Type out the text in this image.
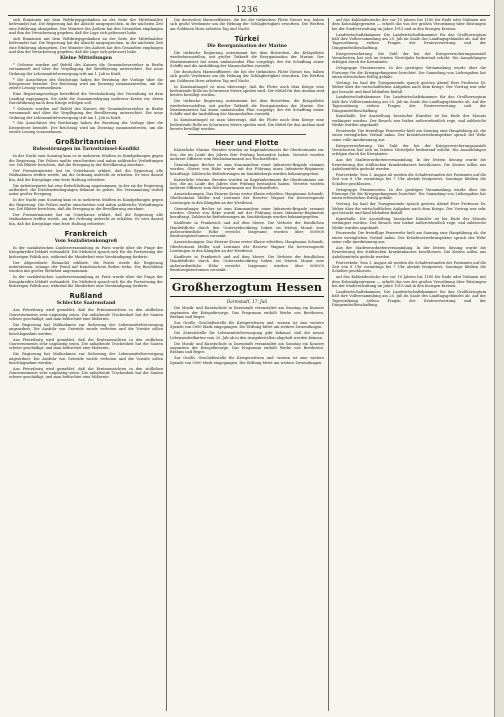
1236

sich Rumänien mit dem Weltkriegsgedanken an der Seite der Mittelmächte befreundet hat. Die Regierung hat die Absicht ausgesprochen, in der nächsten Zeit eine Erklärung abzugeben. Der Minister des Äußern hat den Gesandten empfangen und ihm die Versicherung gegeben, daß die Lage sich gebessert habe.

sich Rumänien mit dem Weltkriegsgedanken an der Seite der Mittelmächte befreundet hat. Die Regierung hat die Absicht ausgesprochen, in der nächsten Zeit eine Erklärung abzugeben. Der Minister des Äußern hat den Gesandten empfangen und ihm die Versicherung gegeben, daß die Lage sich gebessert habe.

Kleine Mitteilungen

* Geborne wurden auf Befehl des Kaisers die Gemeindevorsteher in Berlin versammelt und über die Verpflegung der Bevölkerung unterrichtet. Die neue Ordnung der Lebensmittelversorgung tritt am 1. Juli in Kraft.

* Die Ausschüsse des Reichstags haben die Beratung der Vorlage über die Kriegsteuer beendet. Der Reichstag wird am Dienstag zusammentreten, um die zweite Lesung vorzunehmen.

Eine Regierungsvorlage betreffend die Vereinfachung der Verwaltung ist dem Landtag zugegangen. Sie sieht die Zusammenlegung mehrerer Kreise vor, deren Durchführung nach dem Kriege erfolgen soll.

* Geborne wurden auf Befehl des Kaisers die Gemeindevorsteher in Berlin versammelt und über die Verpflegung der Bevölkerung unterrichtet. Die neue Ordnung der Lebensmittelversorgung tritt am 1. Juli in Kraft.

* Die Ausschüsse des Reichstags haben die Beratung der Vorlage über die Kriegsteuer beendet. Der Reichstag wird am Dienstag zusammentreten, um die zweite Lesung vorzunehmen.

Großbritannien
Ruhestörungen im Tarnwitzinsel-Konflikt

In der Nacht zum Sonntag kam es in mehreren Städten zu Kundgebungen gegen die Regierung. Die Polizei mußte einschreiten und nahm zahlreiche Verhaftungen vor. Die Blätter berichten, daß die Erregung in der Bevölkerung zunehme.

Der Premierminister hat im Unterhause erklärt, daß die Regierung alle Maßnahmen treffen werde, um die Ordnung aufrecht zu erhalten. Er wies darauf hin, daß die Kriegslage eine feste Haltung erfordere.

Die Arbeiterpartei hat eine Entschließung angenommen, in der sie die Regierung auffordert, die Friedensbedingungen bekannt zu geben. Die Versammlung verlief unter großer Erregung.

In der Nacht zum Sonntag kam es in mehreren Städten zu Kundgebungen gegen die Regierung. Die Polizei mußte einschreiten und nahm zahlreiche Verhaftungen vor. Die Blätter berichten, daß die Erregung in der Bevölkerung zunehme.

Der Premierminister hat im Unterhause erklärt, daß die Regierung alle Maßnahmen treffen werde, um die Ordnung aufrecht zu erhalten. Er wies darauf hin, daß die Kriegslage eine feste Haltung erfordere.

Frankreich
Vom Sozialistenkongreß

In der sozialistischen Landesversammlung zu Paris wurde über die Frage der Kriegskredite lebhaft verhandelt. Die Mehrheit sprach sich für die Fortsetzung der bisherigen Politik aus, während die Minderheit eine Verständigung forderte.

Der Abgeordnete Renaudel erklärte, die Partei werde die Regierung unterstützen, solange der Feind auf französischem Boden stehe. Die Beschlüsse wurden mit großer Mehrheit angenommen.

In der sozialistischen Landesversammlung zu Paris wurde über die Frage der Kriegskredite lebhaft verhandelt. Die Mehrheit sprach sich für die Fortsetzung der bisherigen Politik aus, während die Minderheit eine Verständigung forderte.

Rußland
Schlechte Saatenstand

Aus Petersburg wird gemeldet, daß die Ernteaussichten in den südlichen Gouvernements sehr ungünstig seien. Die anhaltende Trockenheit hat die Saaten schwer geschädigt, und man befürchtet eine Mißernte.

Die Regierung hat Maßnahmen zur Sicherung der Lebensmittelversorgung angeordnet. Die Ausfuhr von Getreide wurde verboten und die Vorräte sollen beschlagnahmt werden.

Aus Petersburg wird gemeldet, daß die Ernteaussichten in den südlichen Gouvernements sehr ungünstig seien. Die anhaltende Trockenheit hat die Saaten schwer geschädigt, und man befürchtet eine Mißernte.

Die Regierung hat Maßnahmen zur Sicherung der Lebensmittelversorgung angeordnet. Die Ausfuhr von Getreide wurde verboten und die Vorräte sollen beschlagnahmt werden.

Aus Petersburg wird gemeldet, daß die Ernteaussichten in den südlichen Gouvernements sehr ungünstig seien. Die anhaltende Trockenheit hat die Saaten schwer geschädigt, und man befürchtet eine Mißernte.

Die deutschen Marineoffiziere, die bei der türkischen Flotte Dienst tun, haben sich große Verdienste um die Hebung der Schlagfertigkeit erworben. Die Werften am Goldenen Horn arbeiten Tag und Nacht.

Türkei
Die Reorganisation der Marine

Die türkische Regierung unternimmt bei dem Bestreben, die Kriegsflotte wiederherzustellen, mit großer Tatkraft die Reorganisation der Marine. Der Marineminister hat einen umfassenden Plan vorgelegt, der die Schaffung neuer Schiffe und die Ausbildung der Mannschaften vorsieht.

Die deutschen Marineoffiziere, die bei der türkischen Flotte Dienst tun, haben sich große Verdienste um die Hebung der Schlagfertigkeit erworben. Die Werften am Goldenen Horn arbeiten Tag und Nacht.

In Konstantinopel ist man überzeugt, daß die Flotte nach dem Kriege eine bedeutende Rolle im Schwarzen Meere spielen wird. Die Mittel für den Ausbau sind bereits bewilligt worden.

Die türkische Regierung unternimmt bei dem Bestreben, die Kriegsflotte wiederherzustellen, mit großer Tatkraft die Reorganisation der Marine. Der Marineminister hat einen umfassenden Plan vorgelegt, der die Schaffung neuer Schiffe und die Ausbildung der Mannschaften vorsieht.

In Konstantinopel ist man überzeugt, daß die Flotte nach dem Kriege eine bedeutende Rolle im Schwarzen Meere spielen wird. Die Mittel für den Ausbau sind bereits bewilligt worden.

Heer und Flotte

Kaiserliche Marine. Berufen wurden zu Kapitänleutnants die Oberleutnants zur See, die im Laufe des Jahres ihre Prüfung bestanden haben. Versetzt wurden mehrere Offiziere vom Reichsmarineamt zur Hochseeflotte.

Generalmajor Becher ist zum Kommandeur einer Infanterie-Brigade ernannt worden. Oberst von Hake wurde mit der Führung eines Infanterie-Regiments beauftragt. Zahlreiche Beförderungen im Sanitätskorps wurden bekanntgegeben.

Kaiserliche Marine. Berufen wurden zu Kapitänleutnants die Oberleutnants zur See, die im Laufe des Jahres ihre Prüfung bestanden haben. Versetzt wurden mehrere Offiziere vom Reichsmarineamt zur Hochseeflotte.

Auszeichnungen. Das Eiserne Kreuz erster Klasse erhielten: Hauptmann Schmidt, Oberleutnant Müller und Leutnant der Reserve Wagner für hervorragende Leistungen in den Kämpfen an der Westfront.

Generalmajor Becher ist zum Kommandeur einer Infanterie-Brigade ernannt worden. Oberst von Hake wurde mit der Führung eines Infanterie-Regiments beauftragt. Zahlreiche Beförderungen im Sanitätskorps wurden bekanntgegeben.

Kaufleute in Frankreich und auf dem Meere. Die Verluste der feindlichen Handelsflotte durch den Unterseebootkrieg haben im letzten Monat eine außerordentliche Höhe erreicht. Insgesamt wurden über 600000 Bruttoregistertonnen versenkt.

Auszeichnungen. Das Eiserne Kreuz erster Klasse erhielten: Hauptmann Schmidt, Oberleutnant Müller und Leutnant der Reserve Wagner für hervorragende Leistungen in den Kämpfen an der Westfront.

Kaufleute in Frankreich und auf dem Meere. Die Verluste der feindlichen Handelsflotte durch den Unterseebootkrieg haben im letzten Monat eine außerordentliche Höhe erreicht. Insgesamt wurden über 600000 Bruttoregistertonnen versenkt.

Großherzogtum Hessen
Darmstadt, 17. Juli

Die Musik- und Kunstschule in Darmstadt veranstaltet am Sonntag ein Konzert zugunsten der Kriegsfürsorge. Das Programm enthält Werke von Beethoven, Brahms und Reger.

Zur Großh. Geschäftsstelle für Kriegerwitwen und -waisen ist eine weitere Spende von 5000 Mark eingegangen. Die Stiftung bittet um weitere Zuwendungen.

Die Zentralstelle für Lebensmittelversorgung gibt bekannt, daß die neuen Lebensmittelkarten vom 20. Juli ab in den Ausgabestellen abgeholt werden können.

Die Musik- und Kunstschule in Darmstadt veranstaltet am Sonntag ein Konzert zugunsten der Kriegsfürsorge. Das Programm enthält Werke von Beethoven, Brahms und Reger.

Zur Großh. Geschäftsstelle für Kriegerwitwen und -waisen ist eine weitere Spende von 5000 Mark eingegangen. Die Stiftung bittet um weitere Zuwendungen.

auf das Kohlendeutsche der vor 10 Jahren bis 1180 für Ende oder Nahmen mit dem Kolonialgegrenzen — erhielt das von der großen Verordnung über Rüstungen bei der Stadtverwaltung im Jahre 1913 und in den hiesigen Kreisen.

Landwirtschaftskammer. Die Landwirtschaftskammer für das Großherzogtum hält ihre Vollversammlung am 25. Juli im Saale des Landtagsgebäudes ab. Auf der Tagesordnung stehen Fragen der Ernteverwertung und der Düngemittelbeschaffung.

Kriegsversicherung. Die Zahl der bei der Kriegsversicherungsanstalt Versicherten hat sich im letzten Vierteljahr bedeutend erhöht. Die Auszahlungen erfolgen durch die Kreisämter.

Ortsgruppe Frauenverein. In der gestrigen Versammlung wurde über die Fürsorge für die Kriegsgefangenen berichtet. Die Sammlung von Liebesgaben hat einen erfreulichen Erfolg gehabt.

Vortrag. Im Saal der Turngemeinde sprach gestern Abend Herr Professor Dr. Weber über die wirtschaftlichen Aufgaben nach dem Kriege. Der Vortrag war sehr gut besucht und fand lebhaften Beifall.

Landwirtschaftskammer. Die Landwirtschaftskammer für das Großherzogtum hält ihre Vollversammlung am 25. Juli im Saale des Landtagsgebäudes ab. Auf der Tagesordnung stehen Fragen der Ernteverwertung und der Düngemittelbeschaffung.

Kunsthalle. Die Ausstellung hessischer Künstler ist bis Ende des Monats verlängert worden. Der Besuch war bisher außerordentlich rege, und zahlreiche Werke wurden angekauft.

Feuerwehr. Die freiwillige Feuerwehr hielt am Sonntag eine Hauptübung ab, die einen vorzüglichen Verlauf nahm. Der Kreisfeuerwehrinspektor sprach der Wehr seine volle Anerkennung aus.

Kriegsversicherung. Die Zahl der bei der Kriegsversicherungsanstalt Versicherten hat sich im letzten Vierteljahr bedeutend erhöht. Die Auszahlungen erfolgen durch die Kreisämter.

Aus der Stadtverordnetenversammlung. In der letzten Sitzung wurde die Erweiterung des städtischen Krankenhauses beschlossen. Die Kosten sollen aus Anleihemitteln gedeckt werden.

Postverkehr. Vom 1. August ab werden die Schalterstunden der Postämter auf die Zeit von 8 Uhr vormittags bis 7 Uhr abends festgesetzt. Sonntags bleiben die Schalter geschlossen.

Ortsgruppe Frauenverein. In der gestrigen Versammlung wurde über die Fürsorge für die Kriegsgefangenen berichtet. Die Sammlung von Liebesgaben hat einen erfreulichen Erfolg gehabt.

Vortrag. Im Saal der Turngemeinde sprach gestern Abend Herr Professor Dr. Weber über die wirtschaftlichen Aufgaben nach dem Kriege. Der Vortrag war sehr gut besucht und fand lebhaften Beifall.

Kunsthalle. Die Ausstellung hessischer Künstler ist bis Ende des Monats verlängert worden. Der Besuch war bisher außerordentlich rege, und zahlreiche Werke wurden angekauft.

Feuerwehr. Die freiwillige Feuerwehr hielt am Sonntag eine Hauptübung ab, die einen vorzüglichen Verlauf nahm. Der Kreisfeuerwehrinspektor sprach der Wehr seine volle Anerkennung aus.

Aus der Stadtverordnetenversammlung. In der letzten Sitzung wurde die Erweiterung des städtischen Krankenhauses beschlossen. Die Kosten sollen aus Anleihemitteln gedeckt werden.

Postverkehr. Vom 1. August ab werden die Schalterstunden der Postämter auf die Zeit von 8 Uhr vormittags bis 7 Uhr abends festgesetzt. Sonntags bleiben die Schalter geschlossen.

auf das Kohlendeutsche der vor 10 Jahren bis 1180 für Ende oder Nahmen mit dem Kolonialgegrenzen — erhielt das von der großen Verordnung über Rüstungen bei der Stadtverwaltung im Jahre 1913 und in den hiesigen Kreisen.

Landwirtschaftskammer. Die Landwirtschaftskammer für das Großherzogtum hält ihre Vollversammlung am 25. Juli im Saale des Landtagsgebäudes ab. Auf der Tagesordnung stehen Fragen der Ernteverwertung und der Düngemittelbeschaffung.
